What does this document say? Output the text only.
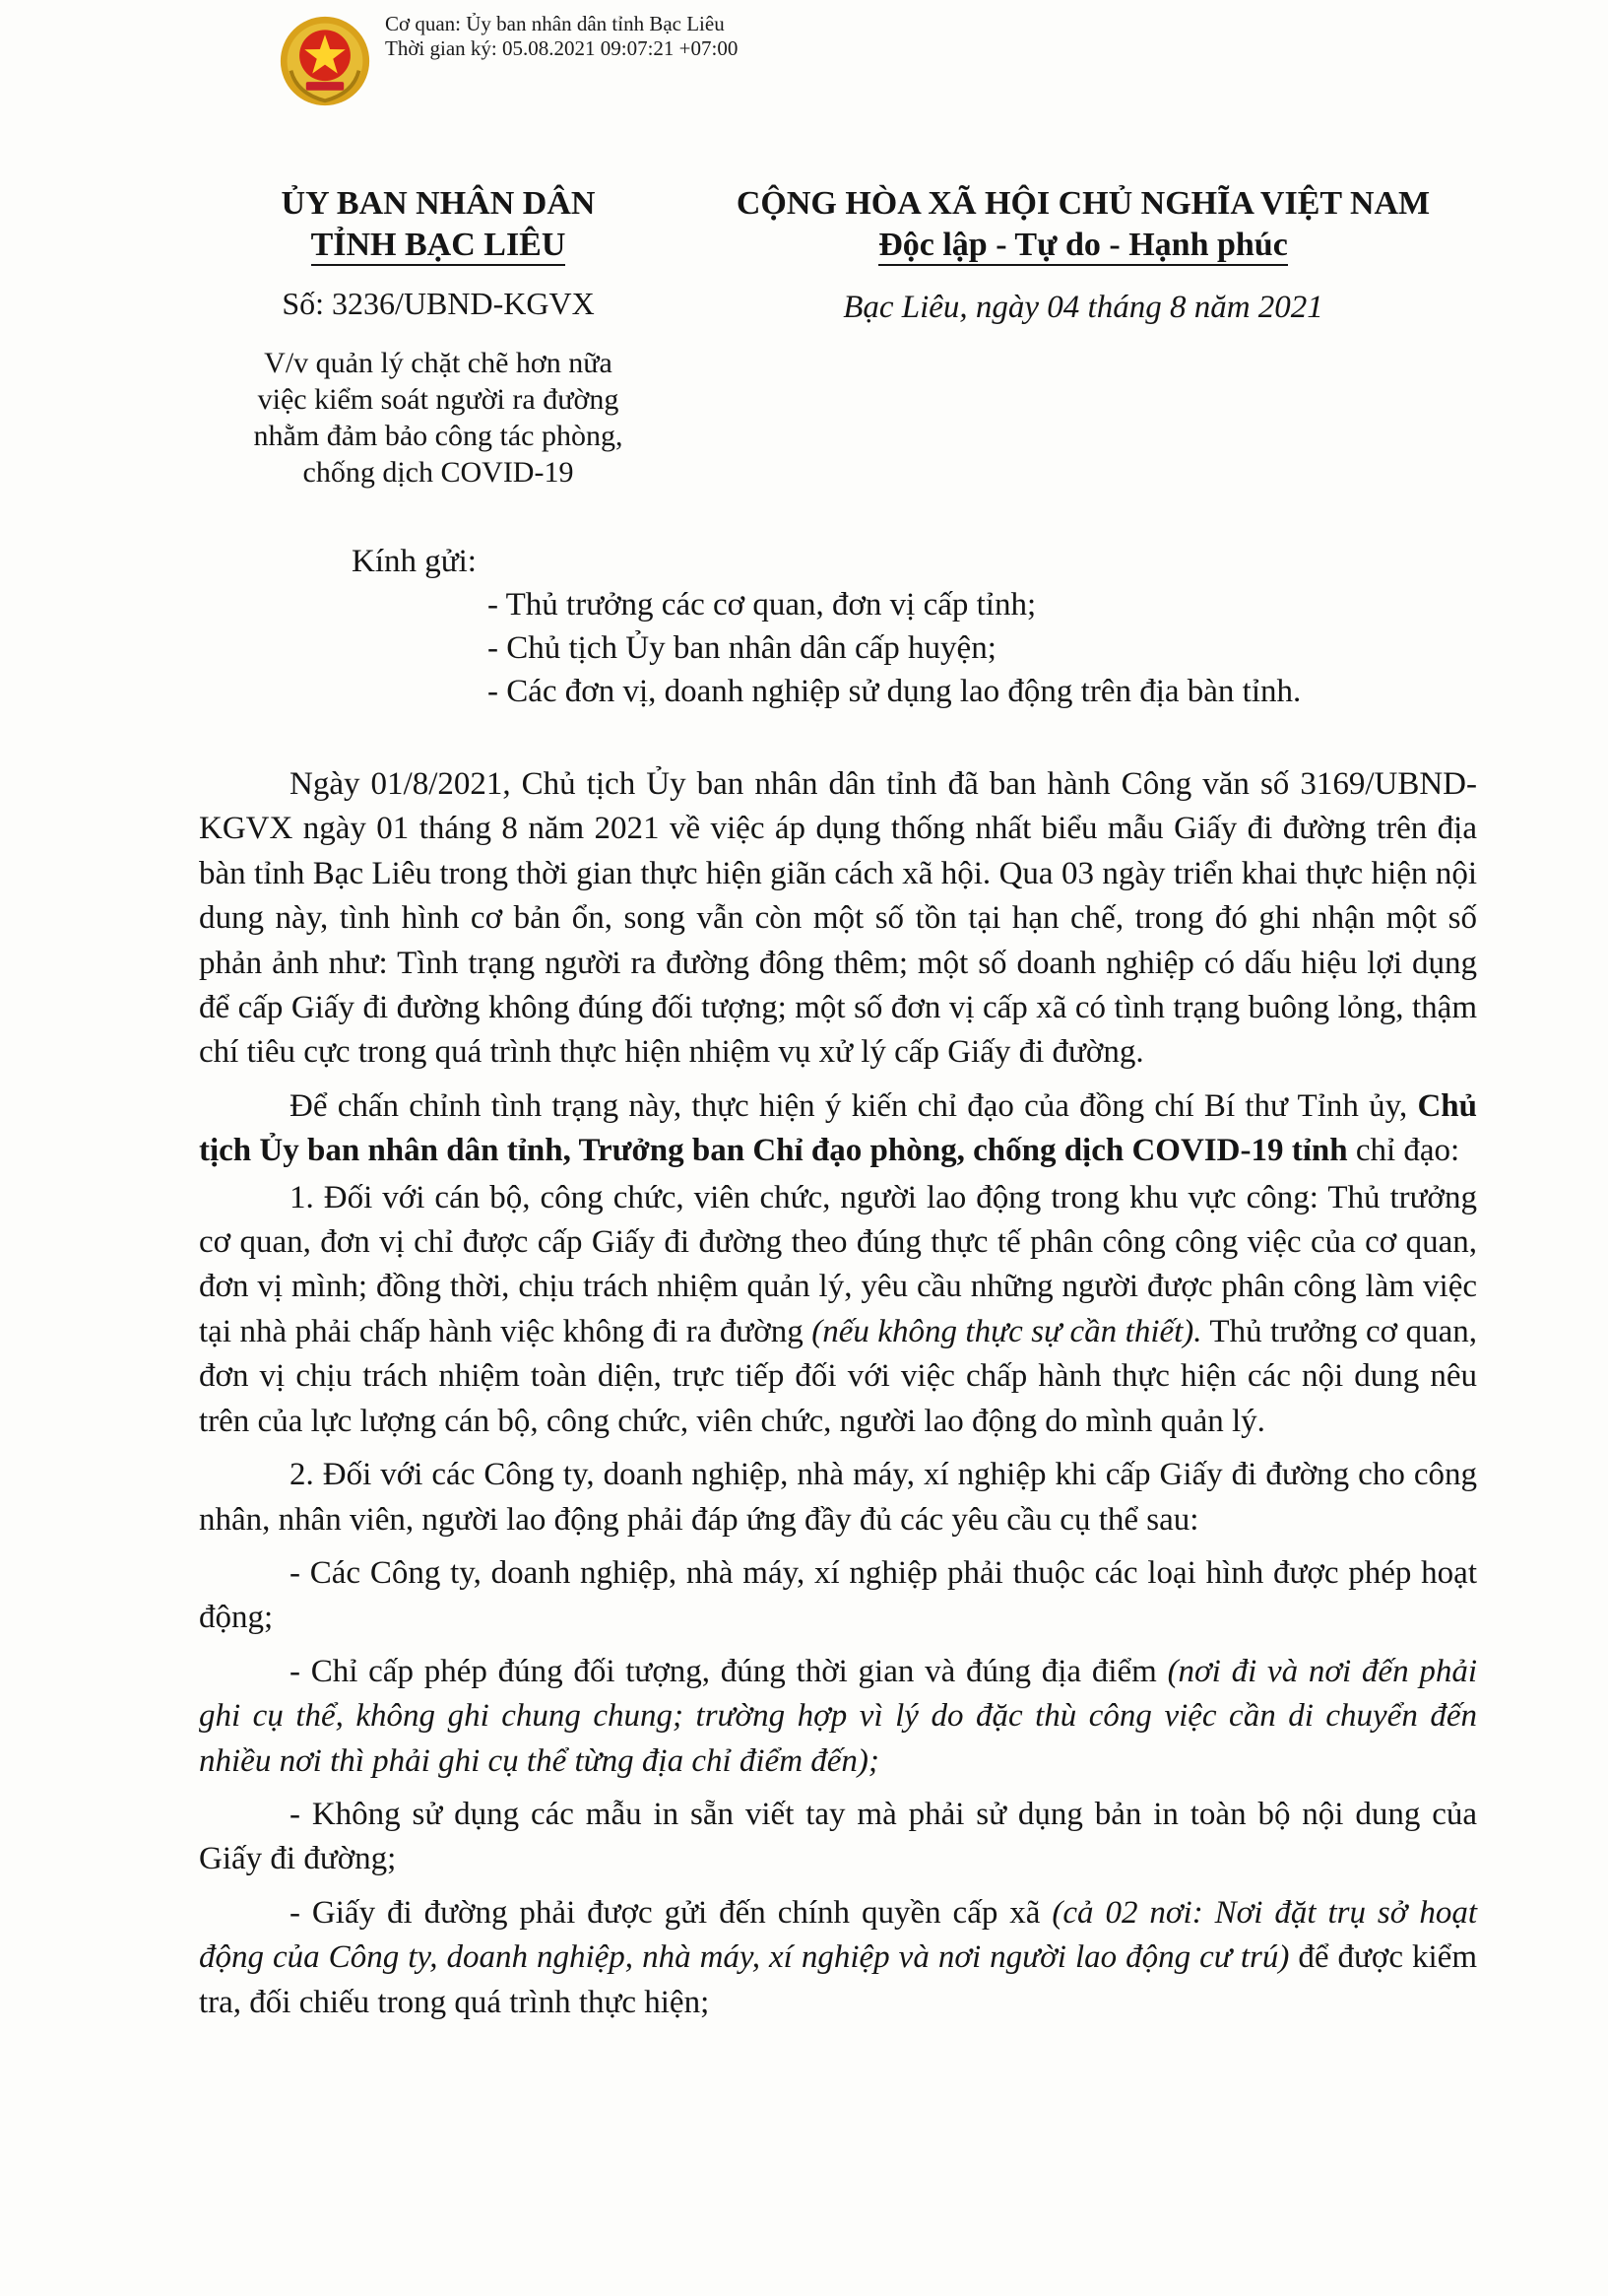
Cơ quan: Ủy ban nhân dân tỉnh Bạc Liêu
Thời gian ký: 05.08.2021 09:07:21 +07:00
ỦY BAN NHÂN DÂN
TỈNH BẠC LIÊU
Số: 3236/UBND-KGVX
V/v quản lý chặt chẽ hơn nữa
việc kiểm soát người ra đường
nhằm đảm bảo công tác phòng,
chống dịch COVID-19
CỘNG HÒA XÃ HỘI CHỦ NGHĨA VIỆT NAM
Độc lập - Tự do - Hạnh phúc
Bạc Liêu, ngày 04 tháng 8 năm 2021
Kính gửi:
- Thủ trưởng các cơ quan, đơn vị cấp tỉnh;
- Chủ tịch Ủy ban nhân dân cấp huyện;
- Các đơn vị, doanh nghiệp sử dụng lao động trên địa bàn tỉnh.

Ngày 01/8/2021, Chủ tịch Ủy ban nhân dân tỉnh đã ban hành Công văn số 3169/UBND-KGVX ngày 01 tháng 8 năm 2021 về việc áp dụng thống nhất biểu mẫu Giấy đi đường trên địa bàn tỉnh Bạc Liêu trong thời gian thực hiện giãn cách xã hội. Qua 03 ngày triển khai thực hiện nội dung này, tình hình cơ bản ổn, song vẫn còn một số tồn tại hạn chế, trong đó ghi nhận một số phản ảnh như: Tình trạng người ra đường đông thêm; một số doanh nghiệp có dấu hiệu lợi dụng để cấp Giấy đi đường không đúng đối tượng; một số đơn vị cấp xã có tình trạng buông lỏng, thậm chí tiêu cực trong quá trình thực hiện nhiệm vụ xử lý cấp Giấy đi đường.

Để chấn chỉnh tình trạng này, thực hiện ý kiến chỉ đạo của đồng chí Bí thư Tỉnh ủy, Chủ tịch Ủy ban nhân dân tỉnh, Trưởng ban Chỉ đạo phòng, chống dịch COVID-19 tỉnh chỉ đạo:

1. Đối với cán bộ, công chức, viên chức, người lao động trong khu vực công: Thủ trưởng cơ quan, đơn vị chỉ được cấp Giấy đi đường theo đúng thực tế phân công công việc của cơ quan, đơn vị mình; đồng thời, chịu trách nhiệm quản lý, yêu cầu những người được phân công làm việc tại nhà phải chấp hành việc không đi ra đường (nếu không thực sự cần thiết). Thủ trưởng cơ quan, đơn vị chịu trách nhiệm toàn diện, trực tiếp đối với việc chấp hành thực hiện các nội dung nêu trên của lực lượng cán bộ, công chức, viên chức, người lao động do mình quản lý.

2. Đối với các Công ty, doanh nghiệp, nhà máy, xí nghiệp khi cấp Giấy đi đường cho công nhân, nhân viên, người lao động phải đáp ứng đầy đủ các yêu cầu cụ thể sau:

- Các Công ty, doanh nghiệp, nhà máy, xí nghiệp phải thuộc các loại hình được phép hoạt động;

- Chỉ cấp phép đúng đối tượng, đúng thời gian và đúng địa điểm (nơi đi và nơi đến phải ghi cụ thể, không ghi chung chung; trường hợp vì lý do đặc thù công việc cần di chuyển đến nhiều nơi thì phải ghi cụ thể từng địa chỉ điểm đến);

- Không sử dụng các mẫu in sẵn viết tay mà phải sử dụng bản in toàn bộ nội dung của Giấy đi đường;

- Giấy đi đường phải được gửi đến chính quyền cấp xã (cả 02 nơi: Nơi đặt trụ sở hoạt động của Công ty, doanh nghiệp, nhà máy, xí nghiệp và nơi người lao động cư trú) để được kiểm tra, đối chiếu trong quá trình thực hiện;
